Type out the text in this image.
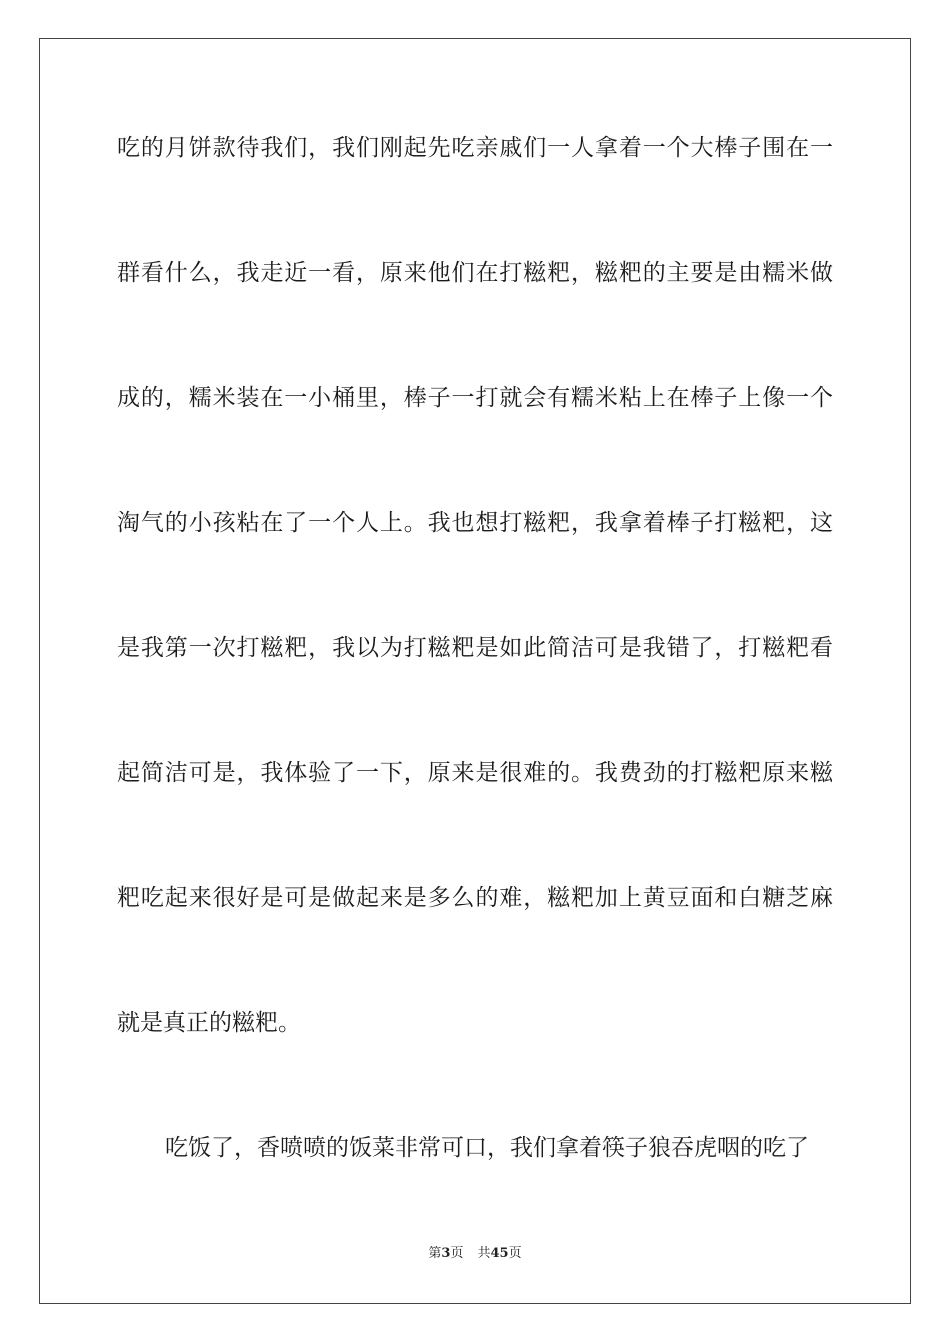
吃的月饼款待我们，我们刚起先吃亲戚们一人拿着一个大棒子围在一
群看什么，我走近一看，原来他们在打糍粑，糍粑的主要是由糯米做
成的，糯米装在一小桶里，棒子一打就会有糯米粘上在棒子上像一个
淘气的小孩粘在了一个人上。我也想打糍粑，我拿着棒子打糍粑，这
是我第一次打糍粑，我以为打糍粑是如此简洁可是我错了，打糍粑看
起简洁可是，我体验了一下，原来是很难的。我费劲的打糍粑原来糍
粑吃起来很好是可是做起来是多么的难，糍粑加上黄豆面和白糖芝麻
就是真正的糍粑。
吃饭了，香喷喷的饭菜非常可口，我们拿着筷子狼吞虎咽的吃了
第3页 共45页
